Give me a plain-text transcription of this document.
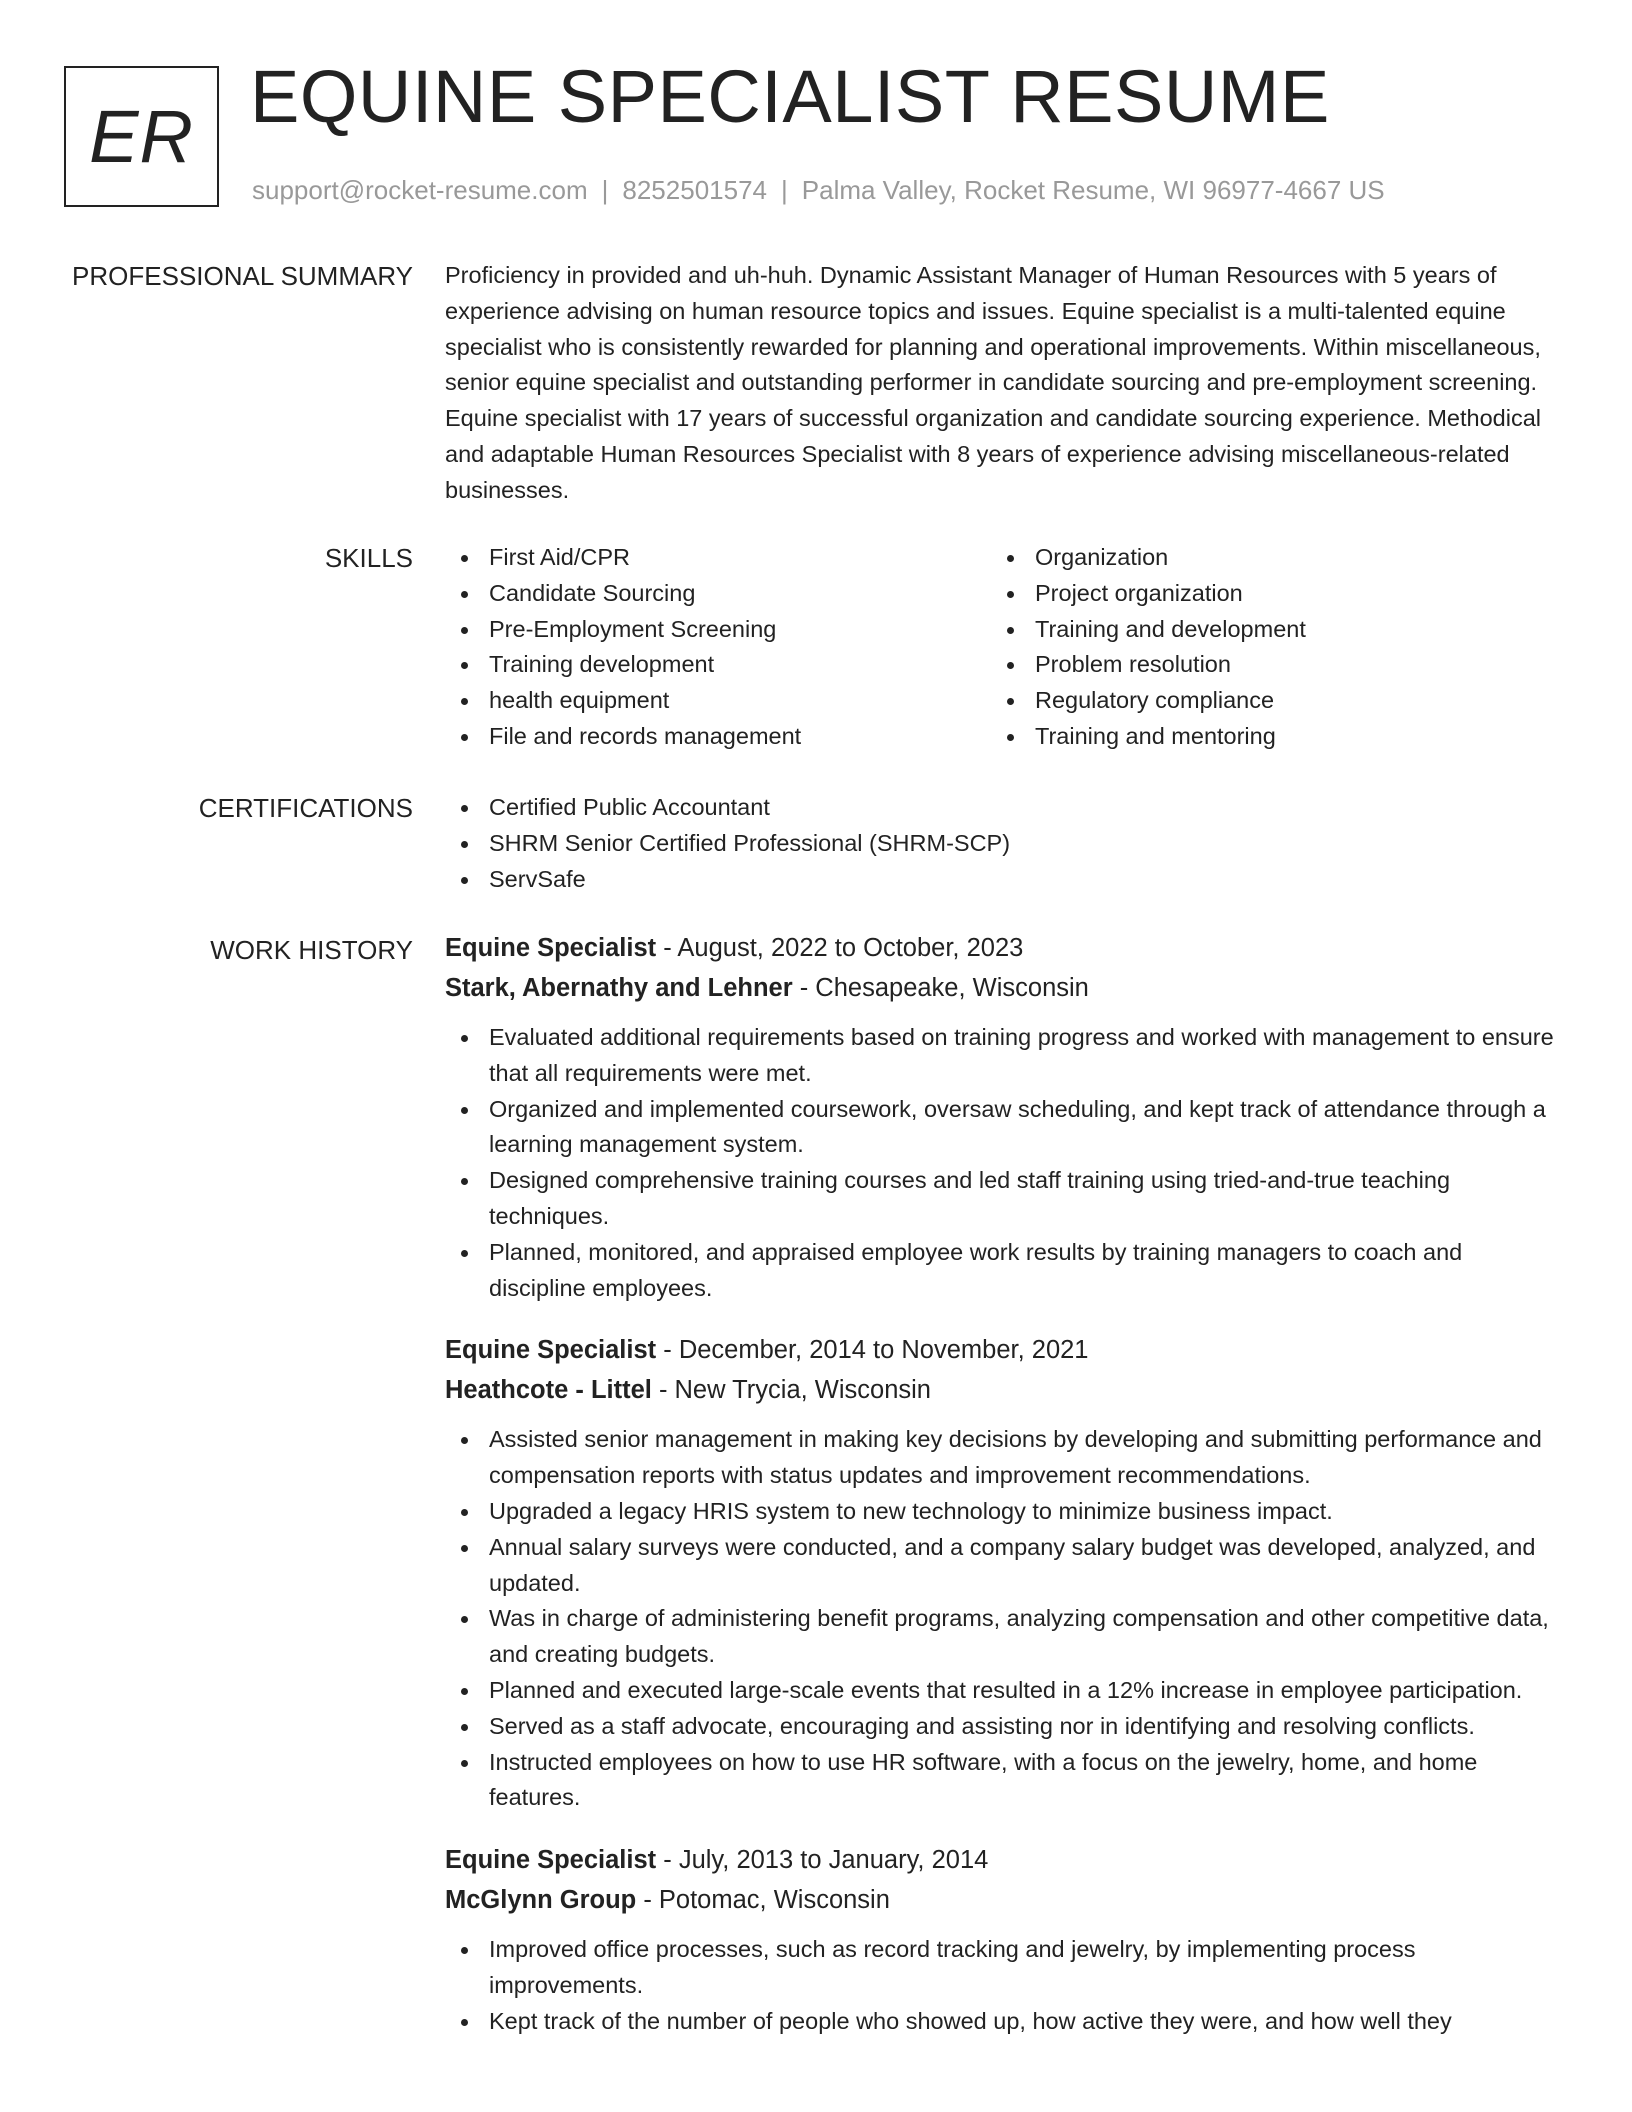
ER EQUINE SPECIALIST RESUME
support@rocket-resume.com | 8252501574 | Palma Valley, Rocket Resume, WI 96977-4667 US
PROFESSIONAL SUMMARY Proficiency in provided and uh-huh. Dynamic Assistant Manager of Human Resources with 5 years of experience advising on human resource topics and issues. Equine specialist is a multi-talented equine specialist who is consistently rewarded for planning and operational improvements. Within miscellaneous, senior equine specialist and outstanding performer in candidate sourcing and pre-employment screening. Equine specialist with 17 years of successful organization and candidate sourcing experience. Methodical and adaptable Human Resources Specialist with 8 years of experience advising miscellaneous-related businesses.

SKILLS	First Aid/CPR
Candidate Sourcing
Pre-Employment Screening
Training development
health equipment
File and records management
Organization
Project organization
Training and development
Problem resolution
Regulatory compliance
Training and mentoring
CERTIFICATIONS	Certified Public Accountant
SHRM Senior Certified Professional (SHRM-SCP)
ServSafe
WORK HISTORY Equine Specialist - August, 2022 to October, 2023
Stark, Abernathy and Lehner - Chesapeake, Wisconsin
Evaluated additional requirements based on training progress and worked with management to ensure that all requirements were met.
Organized and implemented coursework, oversaw scheduling, and kept track of attendance through a learning management system.
Designed comprehensive training courses and led staff training using tried-and-true teaching techniques.
Planned, monitored, and appraised employee work results by training managers to coach and discipline employees.
Equine Specialist - December, 2014 to November, 2021
Heathcote - Littel - New Trycia, Wisconsin
Assisted senior management in making key decisions by developing and submitting performance and compensation reports with status updates and improvement recommendations.
Upgraded a legacy HRIS system to new technology to minimize business impact.
Annual salary surveys were conducted, and a company salary budget was developed, analyzed, and updated.
Was in charge of administering benefit programs, analyzing compensation and other competitive data, and creating budgets.
Planned and executed large-scale events that resulted in a 12% increase in employee participation.
Served as a staff advocate, encouraging and assisting nor in identifying and resolving conflicts.
Instructed employees on how to use HR software, with a focus on the jewelry, home, and home features.
Equine Specialist - July, 2013 to January, 2014
McGlynn Group - Potomac, Wisconsin
Improved office processes, such as record tracking and jewelry, by implementing process improvements.
Kept track of the number of people who showed up, how active they were, and how well they
